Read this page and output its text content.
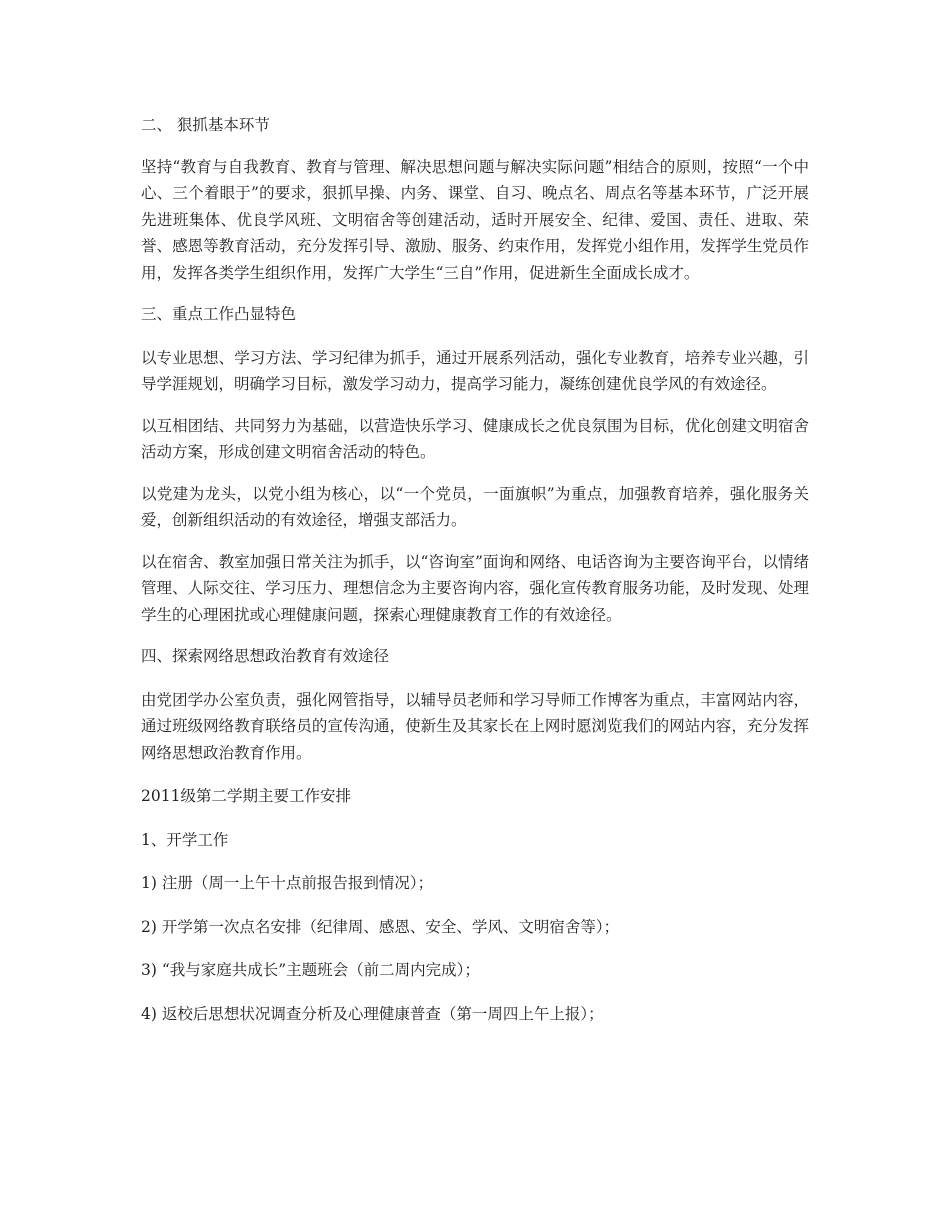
二、 狠抓基本环节

坚持“教育与自我教育、教育与管理、解决思想问题与解决实际问题”相结合的原则，按照“一个中心、三个着眼于”的要求，狠抓早操、内务、课堂、自习、晚点名、周点名等基本环节，广泛开展先进班集体、优良学风班、文明宿舍等创建活动，适时开展安全、纪律、爱国、责任、进取、荣誉、感恩等教育活动，充分发挥引导、激励、服务、约束作用，发挥党小组作用，发挥学生党员作用，发挥各类学生组织作用，发挥广大学生“三自”作用，促进新生全面成长成才。

三、重点工作凸显特色

以专业思想、学习方法、学习纪律为抓手，通过开展系列活动，强化专业教育，培养专业兴趣，引导学涯规划，明确学习目标，激发学习动力，提高学习能力，凝练创建优良学风的有效途径。

以互相团结、共同努力为基础，以营造快乐学习、健康成长之优良氛围为目标，优化创建文明宿舍活动方案，形成创建文明宿舍活动的特色。

以党建为龙头，以党小组为核心，以“一个党员，一面旗帜”为重点，加强教育培养，强化服务关爱，创新组织活动的有效途径，增强支部活力。

以在宿舍、教室加强日常关注为抓手，以“咨询室”面询和网络、电话咨询为主要咨询平台，以情绪管理、人际交往、学习压力、理想信念为主要咨询内容，强化宣传教育服务功能，及时发现、处理学生的心理困扰或心理健康问题，探索心理健康教育工作的有效途径。

四、探索网络思想政治教育有效途径

由党团学办公室负责，强化网管指导，以辅导员老师和学习导师工作博客为重点，丰富网站内容，通过班级网络教育联络员的宣传沟通，使新生及其家长在上网时愿浏览我们的网站内容，充分发挥网络思想政治教育作用。

2011级第二学期主要工作安排

1、开学工作

1) 注册（周一上午十点前报告报到情况）；

2) 开学第一次点名安排（纪律周、感恩、安全、学风、文明宿舍等）；

3) “我与家庭共成长”主题班会（前二周内完成）；

4) 返校后思想状况调查分析及心理健康普查（第一周四上午上报）；
